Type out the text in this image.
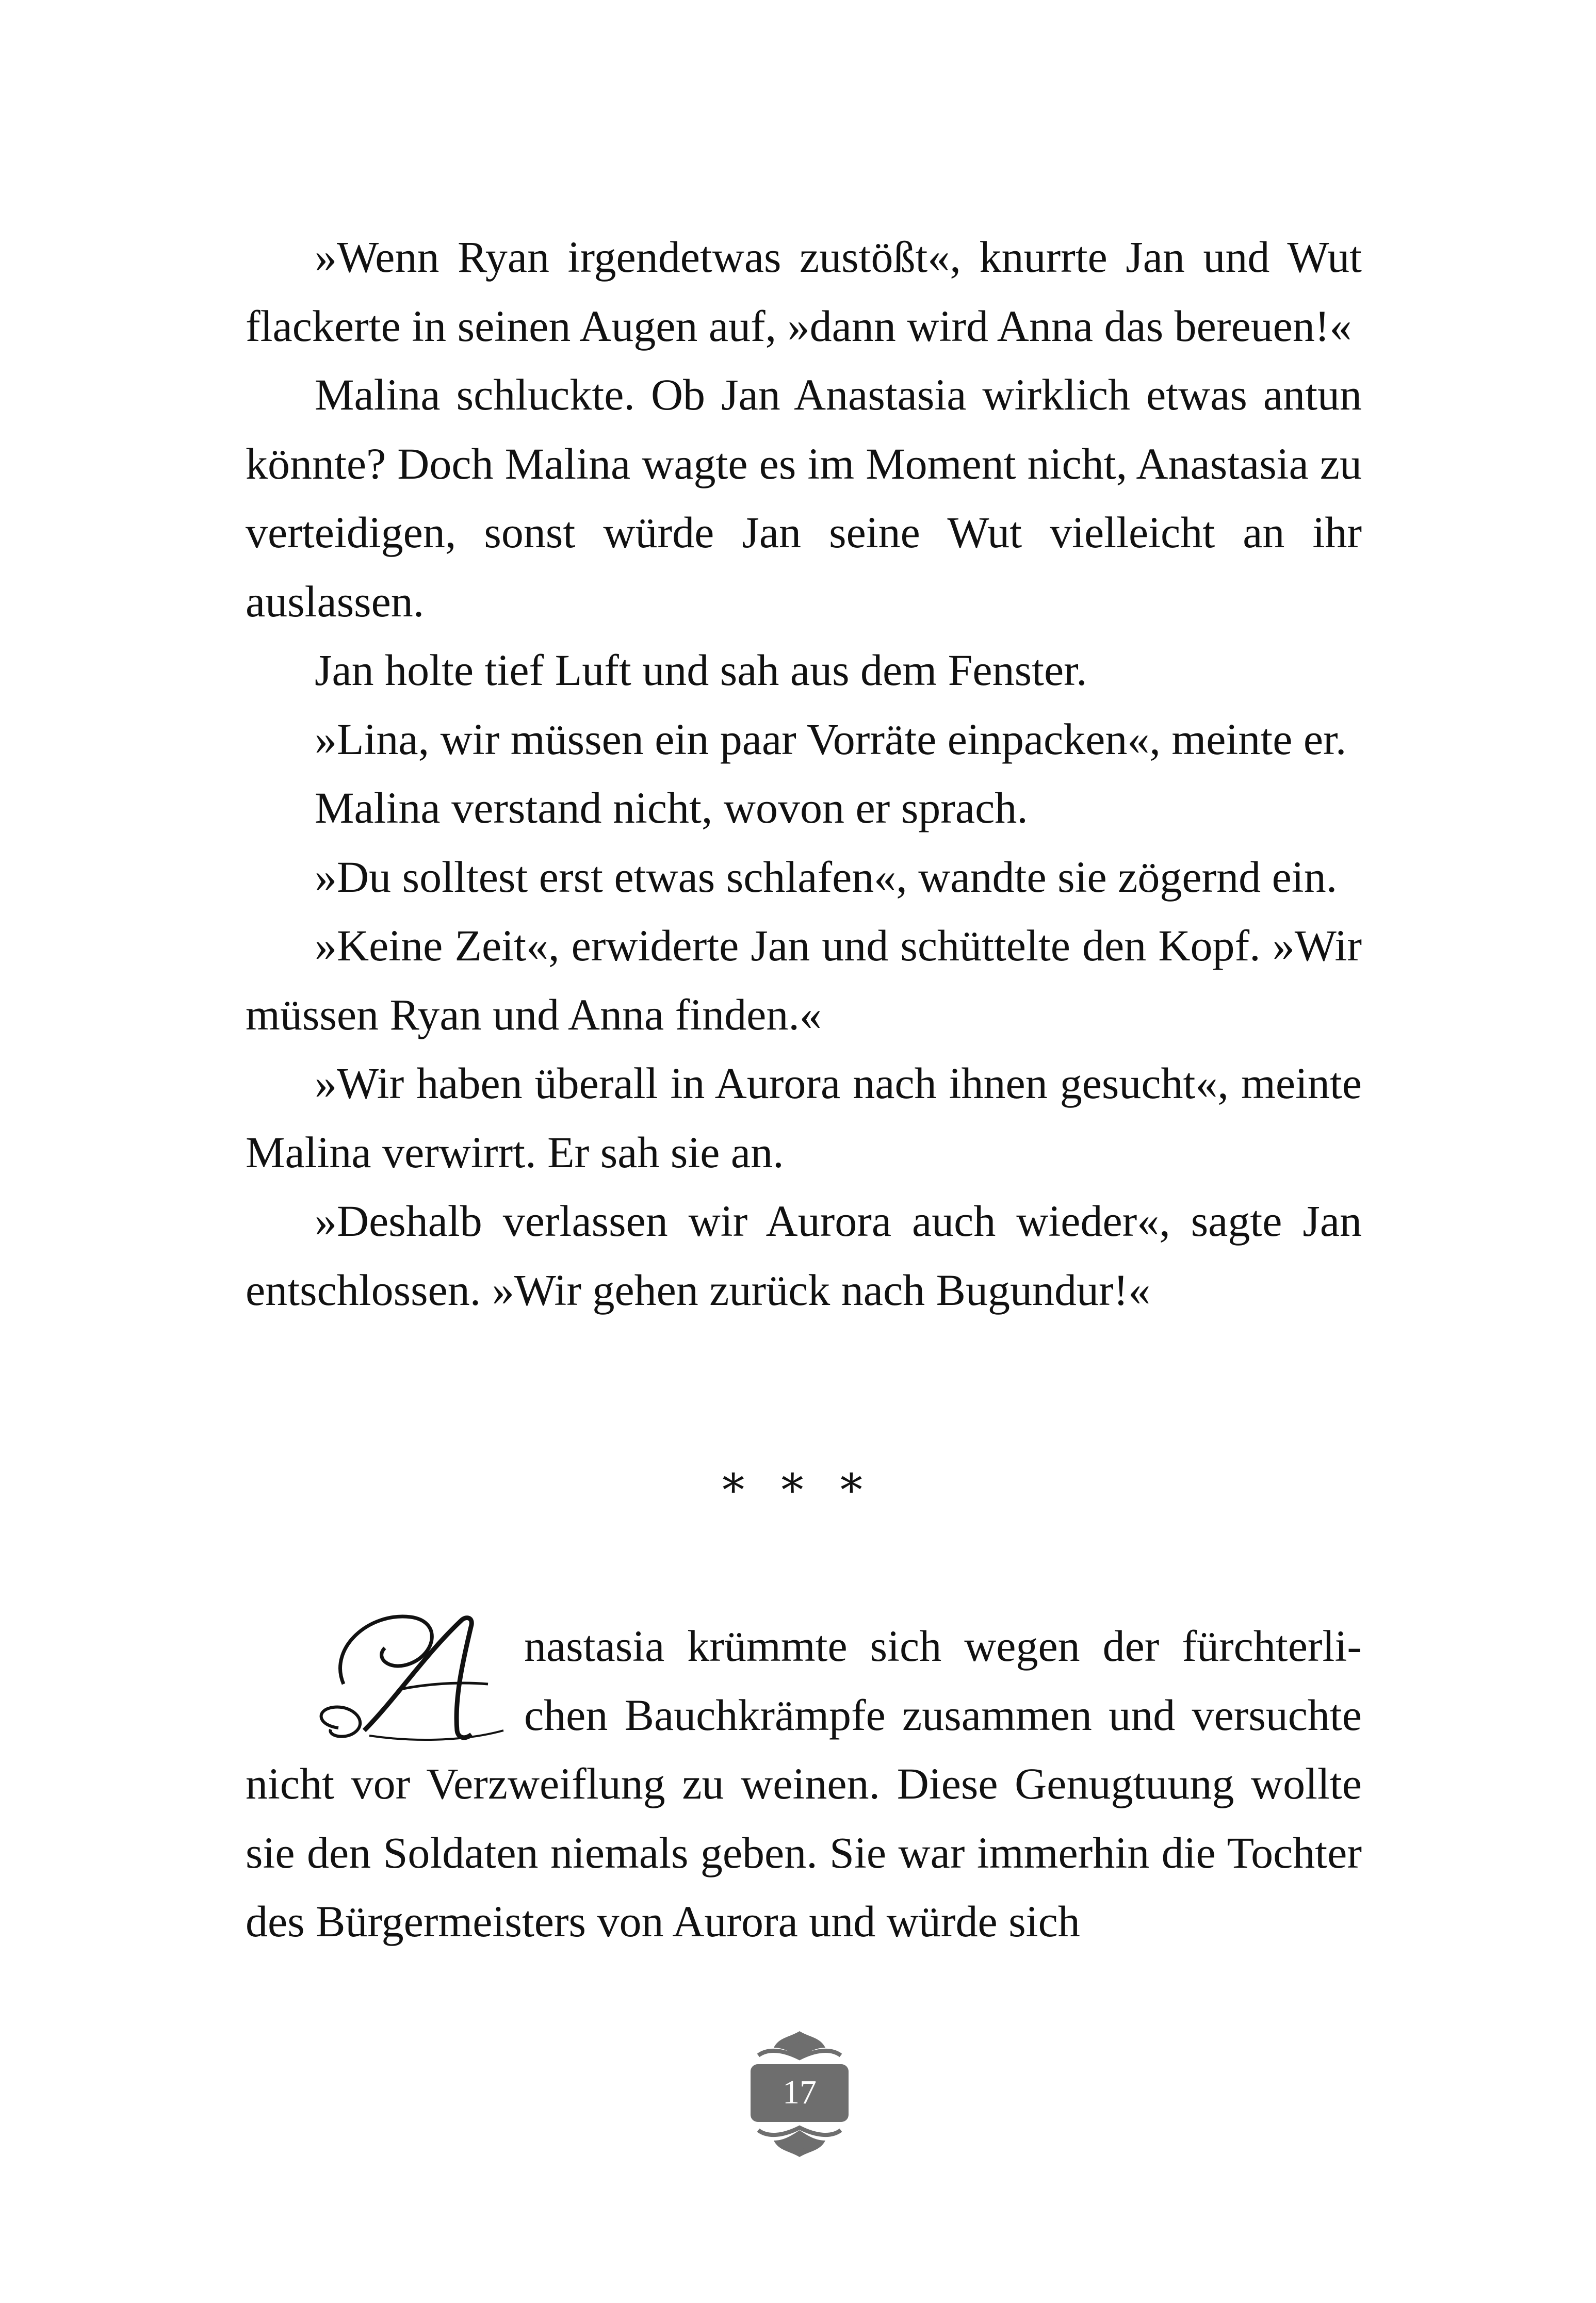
»Wenn Ryan irgendetwas zustößt«, knurrte Jan und Wut flackerte in seinen Augen auf, »dann wird Anna das bereuen!«

Malina schluckte. Ob Jan Anastasia wirklich etwas antun könnte? Doch Malina wagte es im Moment nicht, Anastasia zu verteidigen, sonst würde Jan seine Wut vielleicht an ihr auslassen.

Jan holte tief Luft und sah aus dem Fenster.

»Lina, wir müssen ein paar Vorräte einpacken«, meinte er.

Malina verstand nicht, wovon er sprach.

»Du solltest erst etwas schlafen«, wandte sie zögernd ein.

»Keine Zeit«, erwiderte Jan und schüttelte den Kopf. »Wir müssen Ryan und Anna finden.«

»Wir haben überall in Aurora nach ihnen gesucht«, meinte Malina verwirrt. Er sah sie an.

»Deshalb verlassen wir Aurora auch wieder«, sagte Jan entschlossen. »Wir gehen zurück nach Bugundur!«

* * *
A

nastasia krümmte sich wegen der fürchterlichen Bauchkrämpfe zusammen und versuchte nicht vor Verzweiflung zu weinen. Diese Genugtuung wollte sie den Soldaten niemals geben. Sie war immerhin die Tochter des Bürgermeisters von Aurora und würde sich

17
